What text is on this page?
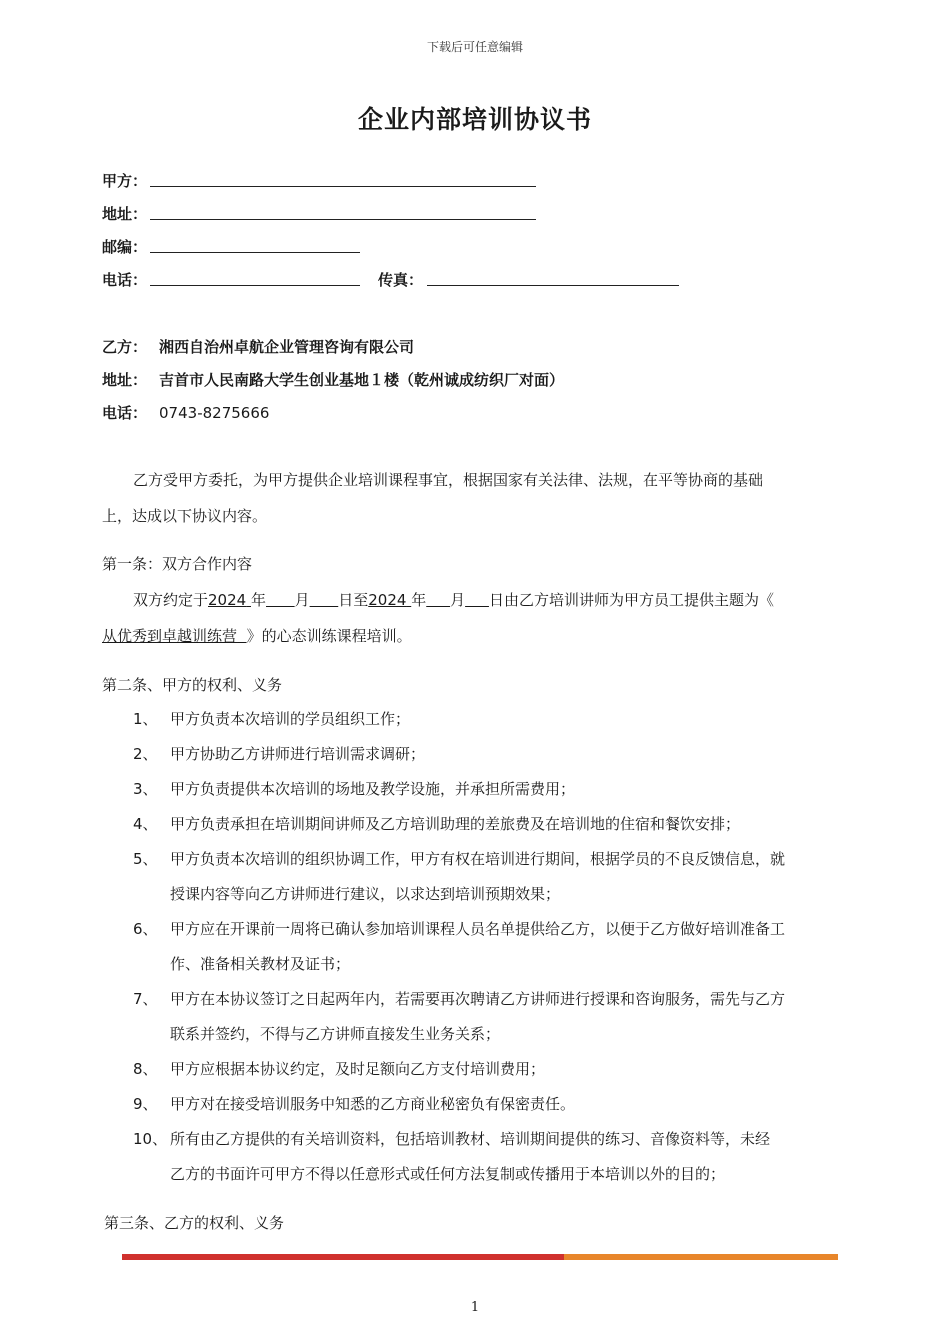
下载后可任意编辑
企业内部培训协议书
甲方：
地址：
邮编：
电话：	传真：
乙方： 湘西自治州卓航企业管理咨询有限公司
地址： 吉首市人民南路大学生创业基地１楼（乾州诚成纺织厂对面）
电话： 0743-8275666
乙方受甲方委托，为甲方提供企业培训课程事宜，根据国家有关法律、法规，在平等协商的基础
上，达成以下协议内容。
第一条：双方合作内容
双方约定于2024 年 月 日至2024 年 月 日由乙方培训讲师为甲方员工提供主题为《
从优秀到卓越训练营 》的心态训练课程培训。
第二条、甲方的权利、义务
1、 甲方负责本次培训的学员组织工作；
2、 甲方协助乙方讲师进行培训需求调研；
3、 甲方负责提供本次培训的场地及教学设施，并承担所需费用；
4、 甲方负责承担在培训期间讲师及乙方培训助理的差旅费及在培训地的住宿和餐饮安排；
5、 甲方负责本次培训的组织协调工作，甲方有权在培训进行期间，根据学员的不良反馈信息，就
授课内容等向乙方讲师进行建议，以求达到培训预期效果；
6、 甲方应在开课前一周将已确认参加培训课程人员名单提供给乙方，以便于乙方做好培训准备工
作、准备相关教材及证书；
7、 甲方在本协议签订之日起两年内，若需要再次聘请乙方讲师进行授课和咨询服务，需先与乙方
联系并签约，不得与乙方讲师直接发生业务关系；
8、 甲方应根据本协议约定，及时足额向乙方支付培训费用；
9、 甲方对在接受培训服务中知悉的乙方商业秘密负有保密责任。
10、 所有由乙方提供的有关培训资料，包括培训教材、培训期间提供的练习、音像资料等，未经
乙方的书面许可甲方不得以任意形式或任何方法复制或传播用于本培训以外的目的；
第三条、乙方的权利、义务
1
